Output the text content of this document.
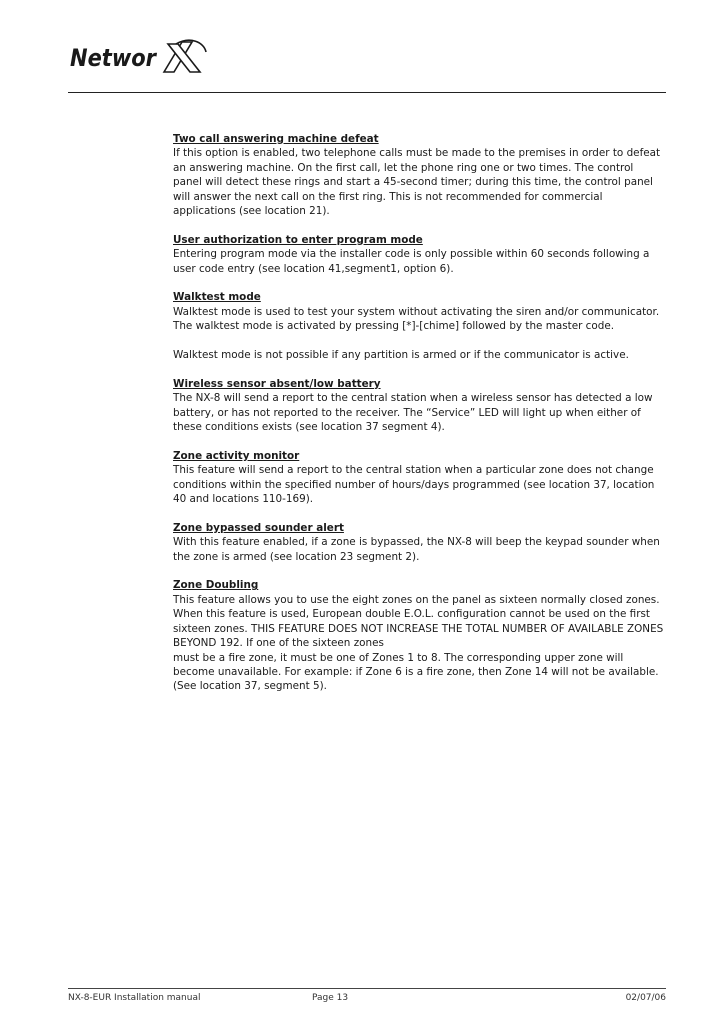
Networ
Two call answering machine defeat

If this option is enabled, two telephone calls must be made to the premises in order to defeat an answering machine. On the first call, let the phone ring one or two times. The control panel will detect these rings and start a 45-second timer; during this time, the control panel will answer the next call on the first ring. This is not recommended for commercial applications (see location 21).

User authorization to enter program mode

Entering program mode via the installer code is only possible within 60 seconds following a user code entry (see location 41,segment1, option 6).

Walktest mode

Walktest mode is used to test your system without activating the siren and/or communicator. The walktest mode is activated by pressing [*]-[chime] followed by the master code.

Walktest mode is not possible if any partition is armed or if the communicator is active.

Wireless sensor absent/low battery

The NX-8 will send a report to the central station when a wireless sensor has detected a low battery, or has not reported to the receiver. The “Service” LED will light up when either of these conditions exists (see location 37 segment 4).

Zone activity monitor

This feature will send a report to the central station when a particular zone does not change conditions within the specified number of hours/days programmed (see location 37, location 40 and locations 110-169).

Zone bypassed sounder alert

With this feature enabled, if a zone is bypassed, the NX-8 will beep the keypad sounder when the zone is armed (see location 23 segment 2).

Zone Doubling

This feature allows you to use the eight zones on the panel as sixteen normally closed zones. When this feature is used, European double E.O.L. configuration cannot be used on the first sixteen zones. THIS FEATURE DOES NOT INCREASE THE TOTAL NUMBER OF AVAILABLE ZONES BEYOND 192. If one of the sixteen zones

must be a fire zone, it must be one of Zones 1 to 8. The corresponding upper zone will become unavailable. For example: if Zone 6 is a fire zone, then Zone 14 will not be available. (See location 37, segment 5).

NX-8-EUR Installation manual	Page 13	02/07/06
